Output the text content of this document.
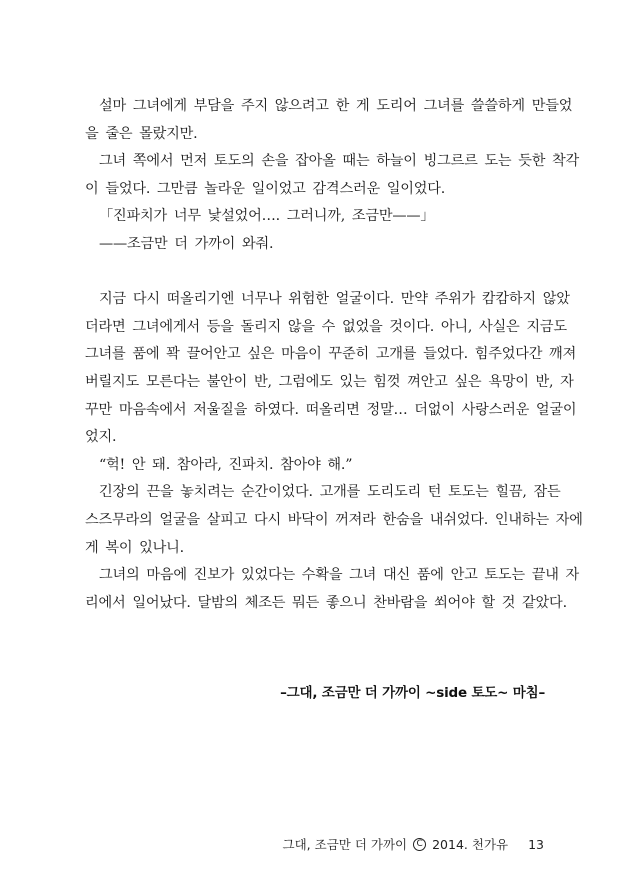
설마 그녀에게 부담을 주지 않으려고 한 게 도리어 그녀를 쓸쓸하게 만들었
을 줄은 몰랐지만.
그녀 쪽에서 먼저 토도의 손을 잡아올 때는 하늘이 빙그르르 도는 듯한 착각
이 들었다. 그만큼 놀라운 일이었고 감격스러운 일이었다.
「진파치가 너무 낯설었어…. 그러니까, 조금만——」
——조금만 더 가까이 와줘.
지금 다시 떠올리기엔 너무나 위험한 얼굴이다. 만약 주위가 캄캄하지 않았
더라면 그녀에게서 등을 돌리지 않을 수 없었을 것이다. 아니, 사실은 지금도
그녀를 품에 꽉 끌어안고 싶은 마음이 꾸준히 고개를 들었다. 힘주었다간 깨져
버릴지도 모른다는 불안이 반, 그럼에도 있는 힘껏 껴안고 싶은 욕망이 반, 자
꾸만 마음속에서 저울질을 하였다. 떠올리면 정말… 더없이 사랑스러운 얼굴이
었지.
“헉! 안 돼. 참아라, 진파치. 참아야 해.”
긴장의 끈을 놓치려는 순간이었다. 고개를 도리도리 턴 토도는 힐끔, 잠든
스즈무라의 얼굴을 살피고 다시 바닥이 꺼져라 한숨을 내쉬었다. 인내하는 자에
게 복이 있나니.
그녀의 마음에 진보가 있었다는 수확을 그녀 대신 품에 안고 토도는 끝내 자
리에서 일어났다. 달밤의 체조든 뭐든 좋으니 찬바람을 쐬어야 할 것 같았다.
–그대, 조금만 더 가까이 ~side 토도~ 마침–
그대, 조금만 더 가까이	C 2014. 천가유 13
